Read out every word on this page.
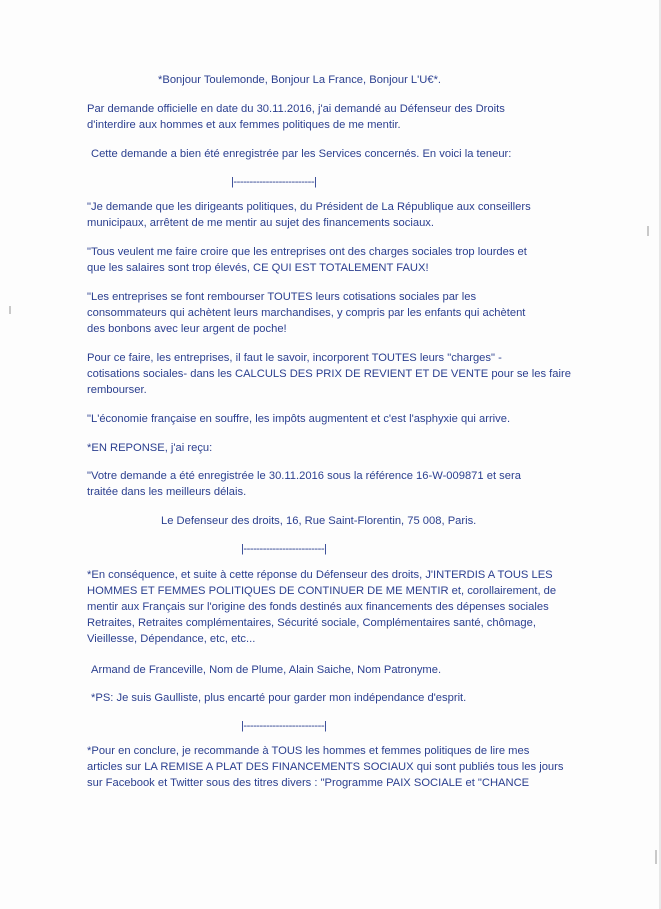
*Bonjour Toulemonde, Bonjour La France, Bonjour L'U€*.

Par demande officielle en date du 30.11.2016, j'ai demandé au Défenseur des Droits
d'interdire aux hommes et aux femmes politiques de me mentir.

Cette demande a bien été enregistrée par les Services concernés. En voici la teneur:

|-------------------------|

"Je demande que les dirigeants politiques, du Président de La République aux conseillers
municipaux, arrêtent de me mentir au sujet des financements sociaux.
"Tous veulent me faire croire que les entreprises ont des charges sociales trop lourdes et
que les salaires sont trop élevés, CE QUI EST TOTALEMENT FAUX!
"Les entreprises se font rembourser TOUTES leurs cotisations sociales par les
consommateurs qui achètent leurs marchandises, y compris par les enfants qui achètent
des bonbons avec leur argent de poche!
Pour ce faire, les entreprises, il faut le savoir, incorporent TOUTES leurs "charges" -
cotisations sociales- dans les CALCULS DES PRIX DE REVIENT ET DE VENTE pour se les faire
rembourser.

"L'économie française en souffre, les impôts augmentent et c'est l'asphyxie qui arrive.

*EN REPONSE, j'ai reçu:

"Votre demande a été enregistrée le 30.11.2016 sous la référence 16-W-009871 et sera
traitée dans les meilleurs délais.

Le Defenseur des droits, 16, Rue Saint-Florentin, 75 008, Paris.

|-------------------------|

*En conséquence, et suite à cette réponse du Défenseur des droits, J'INTERDIS A TOUS LES
HOMMES ET FEMMES POLITIQUES DE CONTINUER DE ME MENTIR et, corollairement, de
mentir aux Français sur l'origine des fonds destinés aux financements des dépenses sociales
Retraites, Retraites complémentaires, Sécurité sociale, Complémentaires santé, chômage,
Vieillesse, Dépendance, etc, etc...

Armand de Franceville, Nom de Plume, Alain Saiche, Nom Patronyme.

*PS: Je suis Gaulliste, plus encarté pour garder mon indépendance d'esprit.

|-------------------------|

*Pour en conclure, je recommande à TOUS les hommes et femmes politiques de lire mes
articles sur LA REMISE A PLAT DES FINANCEMENTS SOCIAUX qui sont publiés tous les jours
sur Facebook et Twitter sous des titres divers : "Programme PAIX SOCIALE et "CHANCE
